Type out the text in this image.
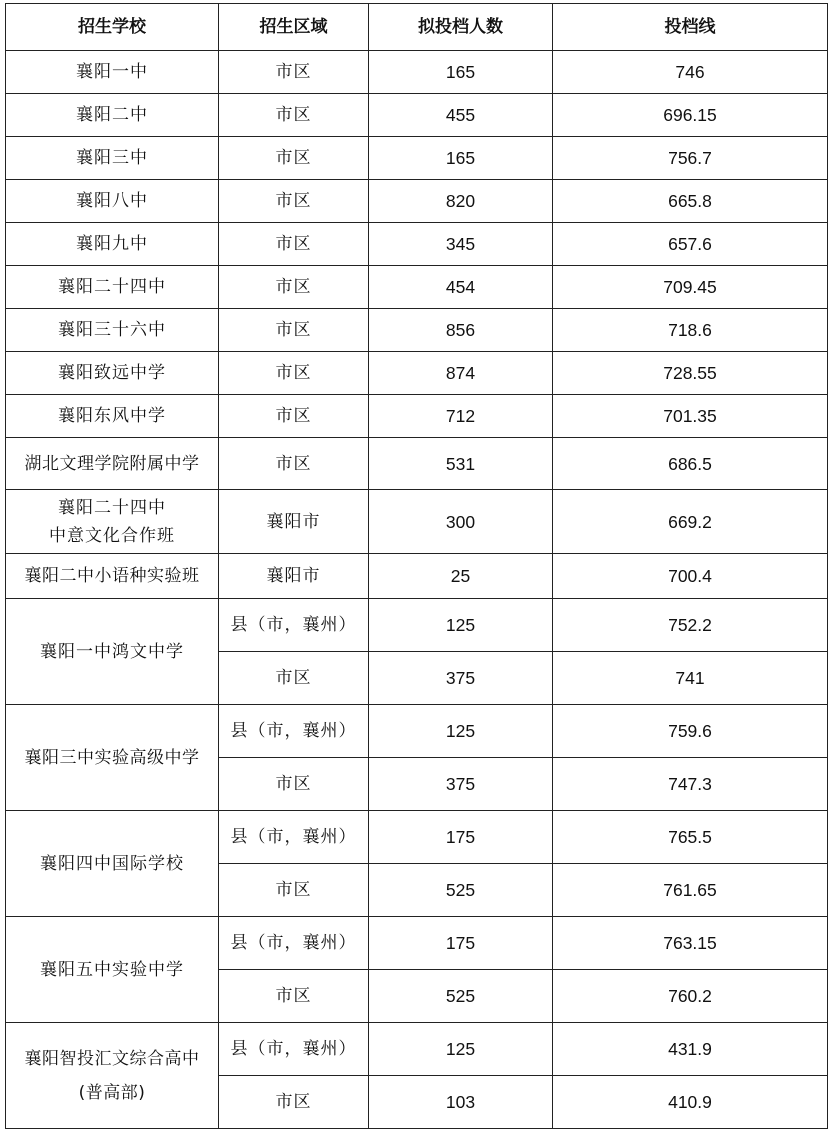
招生学校	招生区域	拟投档人数	投档线
襄阳一中	市区	165	746
襄阳二中	市区	455	696.15
襄阳三中	市区	165	756.7
襄阳八中	市区	820	665.8
襄阳九中	市区	345	657.6
襄阳二十四中	市区	454	709.45
襄阳三十六中	市区	856	718.6
襄阳致远中学	市区	874	728.55
襄阳东风中学	市区	712	701.35
湖北文理学院附属中学	市区	531	686.5

襄阳二十四中
中意文化合作班	襄阳市	300	669.2
襄阳二中小语种实验班	襄阳市	25	700.4
襄阳一中鸿文中学	县（市，襄州）	125	752.2
	市区	375	741
襄阳三中实验高级中学	县（市，襄州）	125	759.6
	市区	375	747.3
襄阳四中国际学校	县（市，襄州）	175	765.5
	市区	525	761.65
襄阳五中实验中学	县（市，襄州）	175	763.15
	市区	525	760.2

襄阳智投汇文综合高中
(普高部)	县（市，襄州）	125	431.9
	市区	103	410.9
